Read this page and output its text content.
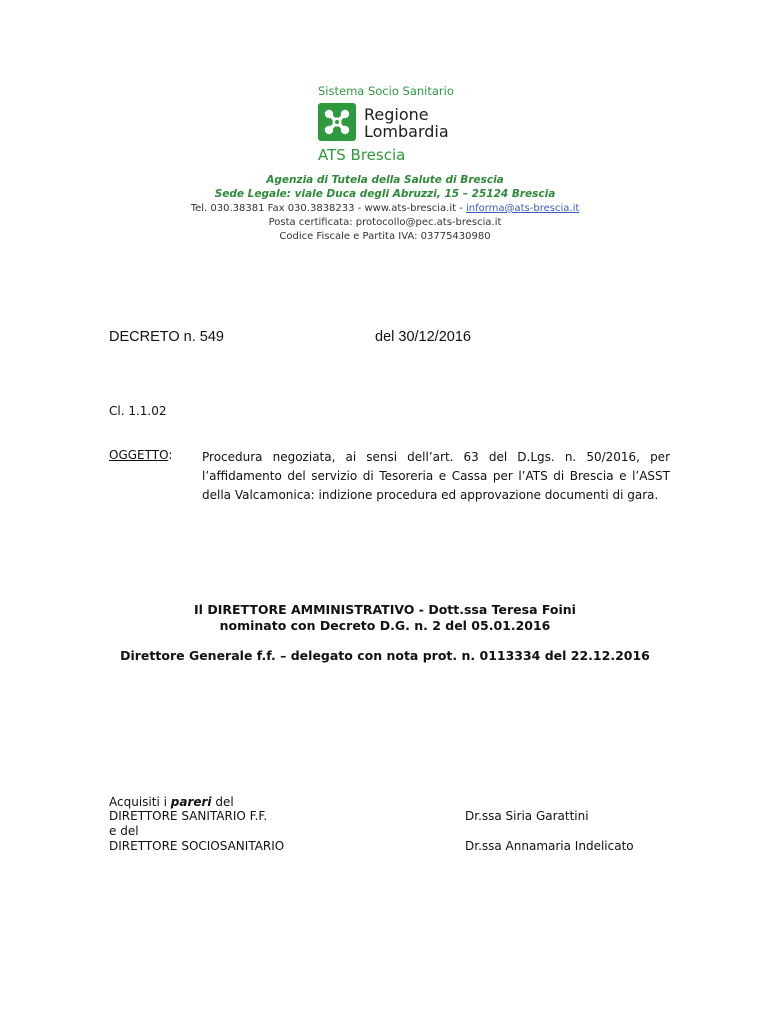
Sistema Socio Sanitario
Regione
Lombardia
ATS Brescia
Agenzia di Tutela della Salute di Brescia
Sede Legale: viale Duca degli Abruzzi, 15 – 25124 Brescia
Tel. 030.38381 Fax 030.3838233 - www.ats-brescia.it - informa@ats-brescia.it
Posta certificata: protocollo@pec.ats-brescia.it
Codice Fiscale e Partita IVA: 03775430980
DECRETO n. 549	del 30/12/2016
Cl. 1.1.02
OGGETTO: Procedura negoziata, ai sensi dell’art. 63 del D.Lgs. n. 50/2016, per l’affidamento del servizio di Tesoreria e Cassa per l’ATS di Brescia e l’ASST della Valcamonica: indizione procedura ed approvazione documenti di gara.
Il DIRETTORE AMMINISTRATIVO - Dott.ssa Teresa Foini
nominato con Decreto D.G. n. 2 del 05.01.2016
Direttore Generale f.f. – delegato con nota prot. n. 0113334 del 22.12.2016
Acquisiti i pareri del
DIRETTORE SANITARIO F.F.
e del
DIRETTORE SOCIOSANITARIO
Dr.ssa Siria Garattini
Dr.ssa Annamaria Indelicato
